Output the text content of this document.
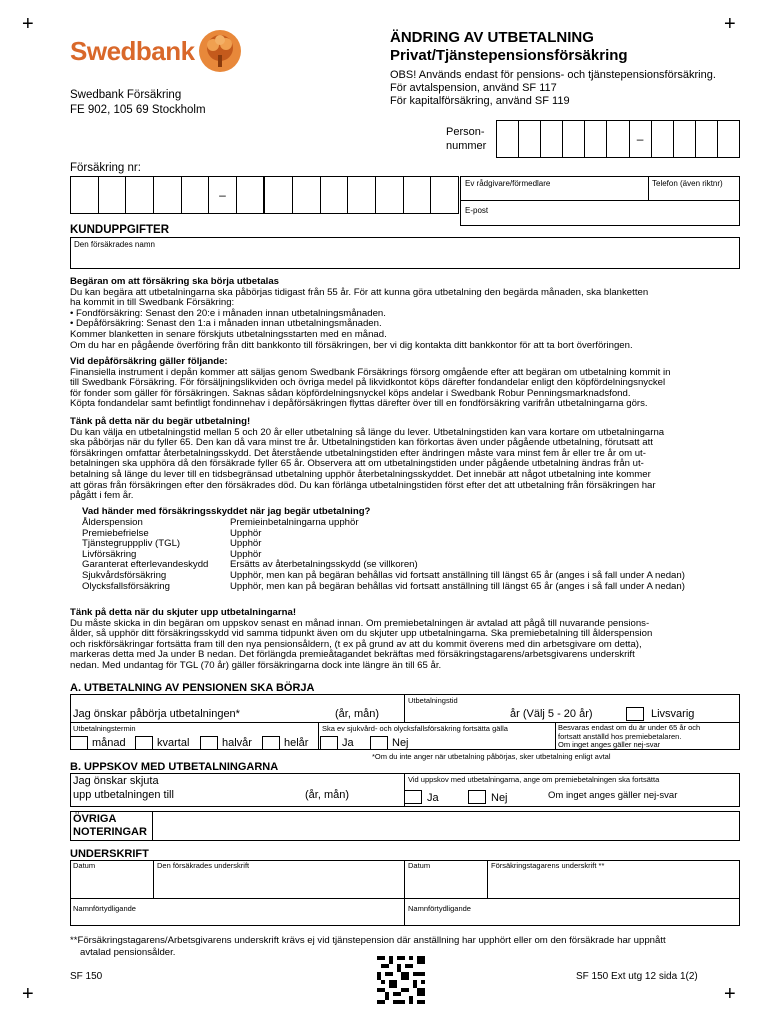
+	+
+	+
Swedbank
Swedbank Försäkring
FE 902, 105 69 Stockholm
ÄNDRING AV UTBETALNING
Privat/Tjänstepensionsförsäkring
OBS! Används endast för pensions- och tjänstepensionsförsäkring.
För avtalspension, använd SF 117
För kapitalförsäkring, använd SF 119
Person-
nummer	–
Försäkring nr:
–
Ev rådgivare/förmedlare	Telefon (även riktnr)
E-post
KUNDUPPGIFTER
Den försäkrades namn
Begäran om att försäkring ska börja utbetalas
Du kan begära att utbetalningarna ska påbörjas tidigast från 55 år. För att kunna göra utbetalning den begärda månaden, ska blanketten
ha kommit in till Swedbank Försäkring:
• Fondförsäkring: Senast den 20:e i månaden innan utbetalningsmånaden.
• Depåförsäkring: Senast den 1:a i månaden innan utbetalningsmånaden.
Kommer blanketten in senare förskjuts utbetalningsstarten med en månad.
Om du har en pågående överföring från ditt bankkonto till försäkringen, ber vi dig kontakta ditt bankkontor för att ta bort överföringen.
Vid depåförsäkring gäller följande:
Finansiella instrument i depån kommer att säljas genom Swedbank Försäkrings försorg omgående efter att begäran om utbetalning kommit in
till Swedbank Försäkring. För försäljningslikviden och övriga medel på likvidkontot köps därefter fondandelar enligt den köpfördelningsnyckel
för fonder som gäller för försäkringen. Saknas sådan köpfördelningsnyckel köps andelar i Swedbank Robur Penningsmarknadsfond.
Köpta fondandelar samt befintligt fondinnehav i depåförsäkringen flyttas därefter över till en fondförsäkring varifrån utbetalningarna görs.
Tänk på detta när du begär utbetalning!
Du kan välja en utbetalningstid mellan 5 och 20 år eller utbetalning så länge du lever. Utbetalningstiden kan vara kortare om utbetalningarna
ska påbörjas när du fyller 65. Den kan då vara minst tre år. Utbetalningstiden kan förkortas även under pågående utbetalning, förutsatt att
försäkringen omfattar återbetalningsskydd. Det återstående utbetalningstiden efter ändringen måste vara minst fem år eller tre år om ut-
betalningen ska upphöra då den försäkrade fyller 65 år. Observera att om utbetalningstiden under pågående utbetalning ändras från ut-
betalning så länge du lever till en tidsbegränsad utbetalning upphör återbetalningsskyddet. Det innebär att något utbetalning inte kommer
att göras från försäkringen efter den försäkrades död. Du kan förlänga utbetalningstiden först efter det att utbetalning från försäkringen har
pågått i fem år.
Vad händer med försäkringsskyddet när jag begär utbetalning?
Ålderspension	Premieinbetalningarna upphör
Premiebefrielse	Upphör
Tjänstegrupppliv (TGL)	Upphör
Livförsäkring	Upphör
Garanterat efterlevandeskydd	Ersätts av återbetalningsskydd (se villkoren)
Sjukvårdsförsäkring	Upphör, men kan på begäran behållas vid fortsatt anställning till längst 65 år (anges i så fall under A nedan)
Olycksfallsförsäkring	Upphör, men kan på begäran behållas vid fortsatt anställning till längst 65 år (anges i så fall under A nedan)
Tänk på detta när du skjuter upp utbetalningarna!
Du måste skicka in din begäran om uppskov senast en månad innan. Om premiebetalningen är avtalad att pågå till nuvarande pensions-
ålder, så upphör ditt försäkringsskydd vid samma tidpunkt även om du skjuter upp utbetalningarna. Ska premiebetalning till ålderspension
och riskförsäkringar fortsätta fram till den nya pensionsåldern, (t ex på grund av att du kommit överens med din arbetsgivare om detta),
markeras detta med Ja under B nedan. Det förlängda premieåtagandet bekräftas med försäkringstagarens/arbetsgivarens underskrift
nedan. Med undantag för TGL (70 år) gäller försäkringarna dock inte längre än till 65 år.
A. UTBETALNING AV PENSIONEN SKA BÖRJA
Utbetalningstid
Jag önskar påbörja utbetalningen*	(år, mån)	år (Välj 5 - 20 år)	Livsvarig
Utbetalningstermin	Ska ev sjukvård- och olycksfallsförsäkring fortsätta gälla	Besvaras endast om du är under 65 år och
fortsatt anställd hos premiebetalaren.
Om inget anges gäller nej-svar
månad	kvartal	halvår	helår	Ja	Nej
*Om du inte anger när utbetalning påbörjas, sker utbetalning enligt avtal
B. UPPSKOV MED UTBETALNINGARNA
Jag önskar skjuta
upp utbetalningen till	(år, mån)
Vid uppskov med utbetalningarna, ange om premiebetalningen ska fortsätta
Ja	Nej	Om inget anges gäller nej-svar
ÖVRIGA
NOTERINGAR
UNDERSKRIFT
Datum	Den försäkrades underskrift	Datum	Försäkringstagarens underskrift **
Namnförtydligande	Namnförtydligande
**Försäkringstagarens/Arbetsgivarens underskrift krävs ej vid tjänstepension där anställning har upphört eller om den försäkrade har uppnått
avtalad pensionsålder.
SF 150	SF 150 Ext utg 12 sida 1(2)
